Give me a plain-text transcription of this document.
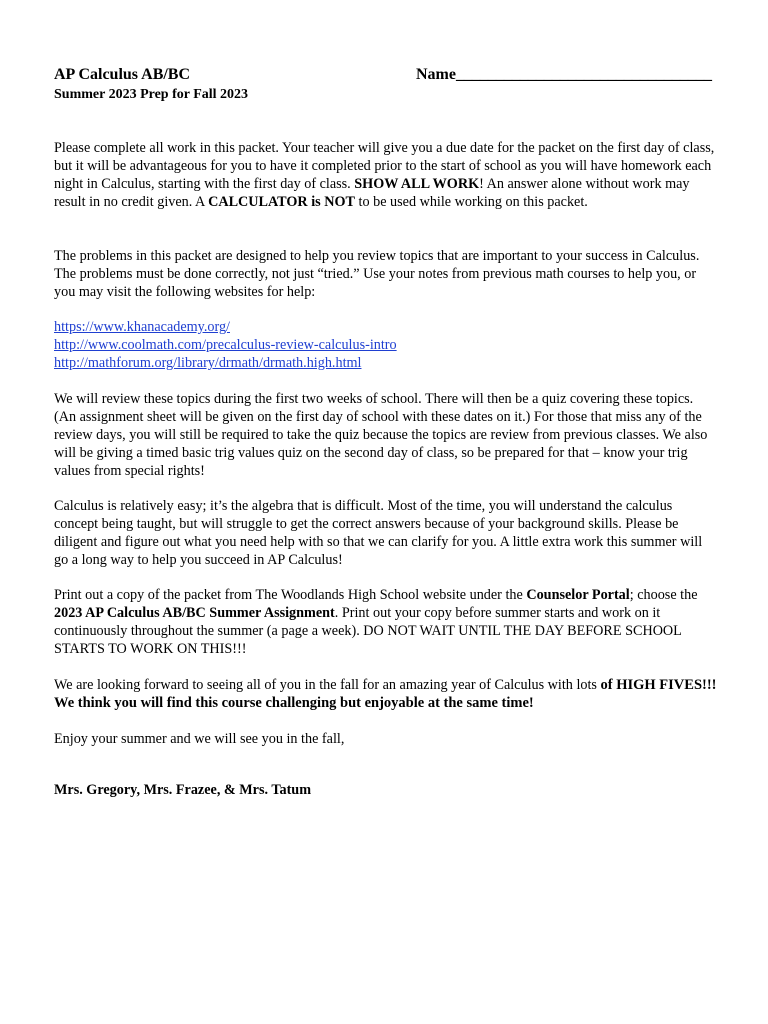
AP Calculus AB/BC	Name________________________________
Summer 2023 Prep for Fall 2023

Please complete all work in this packet. Your teacher will give you a due date for the packet on the first day of class, but it will be advantageous for you to have it completed prior to the start of school as you will have homework each night in Calculus, starting with the first day of class. SHOW ALL WORK! An answer alone without work may result in no credit given. A CALCULATOR is NOT to be used while working on this packet.

The problems in this packet are designed to help you review topics that are important to your success in Calculus. The problems must be done correctly, not just “tried.” Use your notes from previous math courses to help you, or you may visit the following websites for help:

https://www.khanacademy.org/
http://www.coolmath.com/precalculus-review-calculus-intro
http://mathforum.org/library/drmath/drmath.high.html

We will review these topics during the first two weeks of school. There will then be a quiz covering these topics. (An assignment sheet will be given on the first day of school with these dates on it.) For those that miss any of the review days, you will still be required to take the quiz because the topics are review from previous classes. We also will be giving a timed basic trig values quiz on the second day of class, so be prepared for that – know your trig values from special rights!

Calculus is relatively easy; it’s the algebra that is difficult. Most of the time, you will understand the calculus concept being taught, but will struggle to get the correct answers because of your background skills. Please be diligent and figure out what you need help with so that we can clarify for you. A little extra work this summer will go a long way to help you succeed in AP Calculus!

Print out a copy of the packet from The Woodlands High School website under the Counselor Portal; choose the 2023 AP Calculus AB/BC Summer Assignment. Print out your copy before summer starts and work on it continuously throughout the summer (a page a week). DO NOT WAIT UNTIL THE DAY BEFORE SCHOOL STARTS TO WORK ON THIS!!!

We are looking forward to seeing all of you in the fall for an amazing year of Calculus with lots of HIGH FIVES!!! We think you will find this course challenging but enjoyable at the same time!

Enjoy your summer and we will see you in the fall,

Mrs. Gregory, Mrs. Frazee, & Mrs. Tatum
